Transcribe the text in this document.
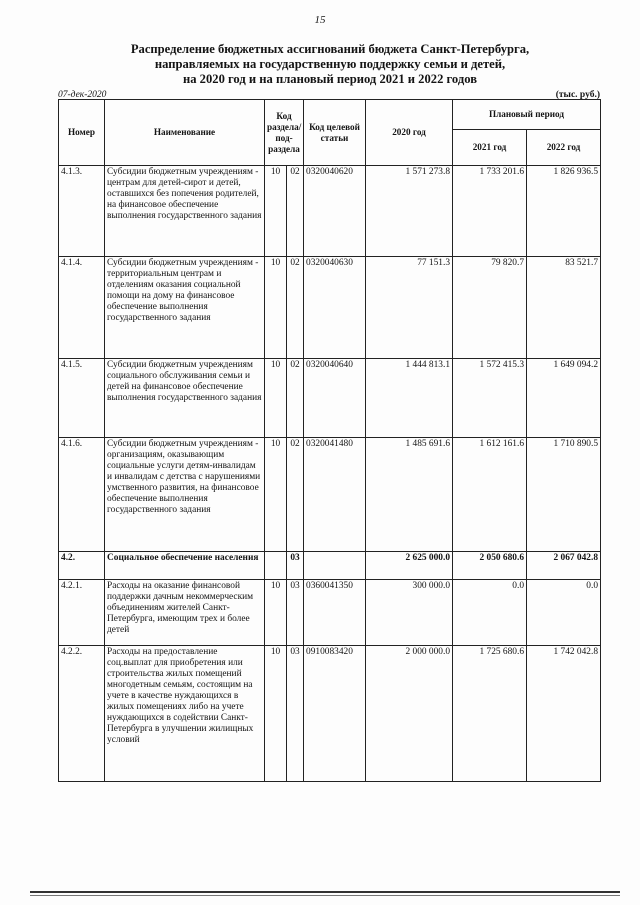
15
Распределение бюджетных ассигнований бюджета Санкт-Петербурга,
направляемых на государственную поддержку семьи и детей,
на 2020 год и на плановый период 2021 и 2022 годов
07-дек-2020	(тыс. руб.)
Номер	Наименование	Код раздела/ под-раздела		Код целевой статьи	2020 год	Плановый период	
						2021 год	2022 год
4.1.3.	Субсидии бюджетным учреждениям - центрам для детей-сирот и детей, оставшихся без попечения родителей, на финансовое обеспечение выполнения государственного задания	10	02	0320040620	1 571 273.8	1 733 201.6	1 826 936.5
4.1.4.	Субсидии бюджетным учреждениям - территориальным центрам и отделениям оказания социальной помощи на дому на финансовое обеспечение выполнения государственного задания	10	02	0320040630	77 151.3	79 820.7	83 521.7
4.1.5.	Субсидии бюджетным учреждениям социального обслуживания семьи и детей на финансовое обеспечение выполнения государственного задания	10	02	0320040640	1 444 813.1	1 572 415.3	1 649 094.2
4.1.6.	Субсидии бюджетным учреждениям - организациям, оказывающим социальные услуги детям-инвалидам и инвалидам с детства с нарушениями умственного развития, на финансовое обеспечение выполнения государственного задания	10	02	0320041480	1 485 691.6	1 612 161.6	1 710 890.5
4.2.	Социальное обеспечение населения		03		2 625 000.0	2 050 680.6	2 067 042.8
4.2.1.	Расходы на оказание финансовой поддержки дачным некоммерческим объединениям жителей Санкт-Петербурга, имеющим трех и более детей	10	03	0360041350	300 000.0	0.0	0.0
4.2.2.	Расходы на предоставление соц.выплат для приобретения или строительства жилых помещений многодетным семьям, состоящим на учете в качестве нуждающихся в жилых помещениях либо на учете нуждающихся в содействии Санкт-Петербурга в улучшении жилищных условий	10	03	0910083420	2 000 000.0	1 725 680.6	1 742 042.8
